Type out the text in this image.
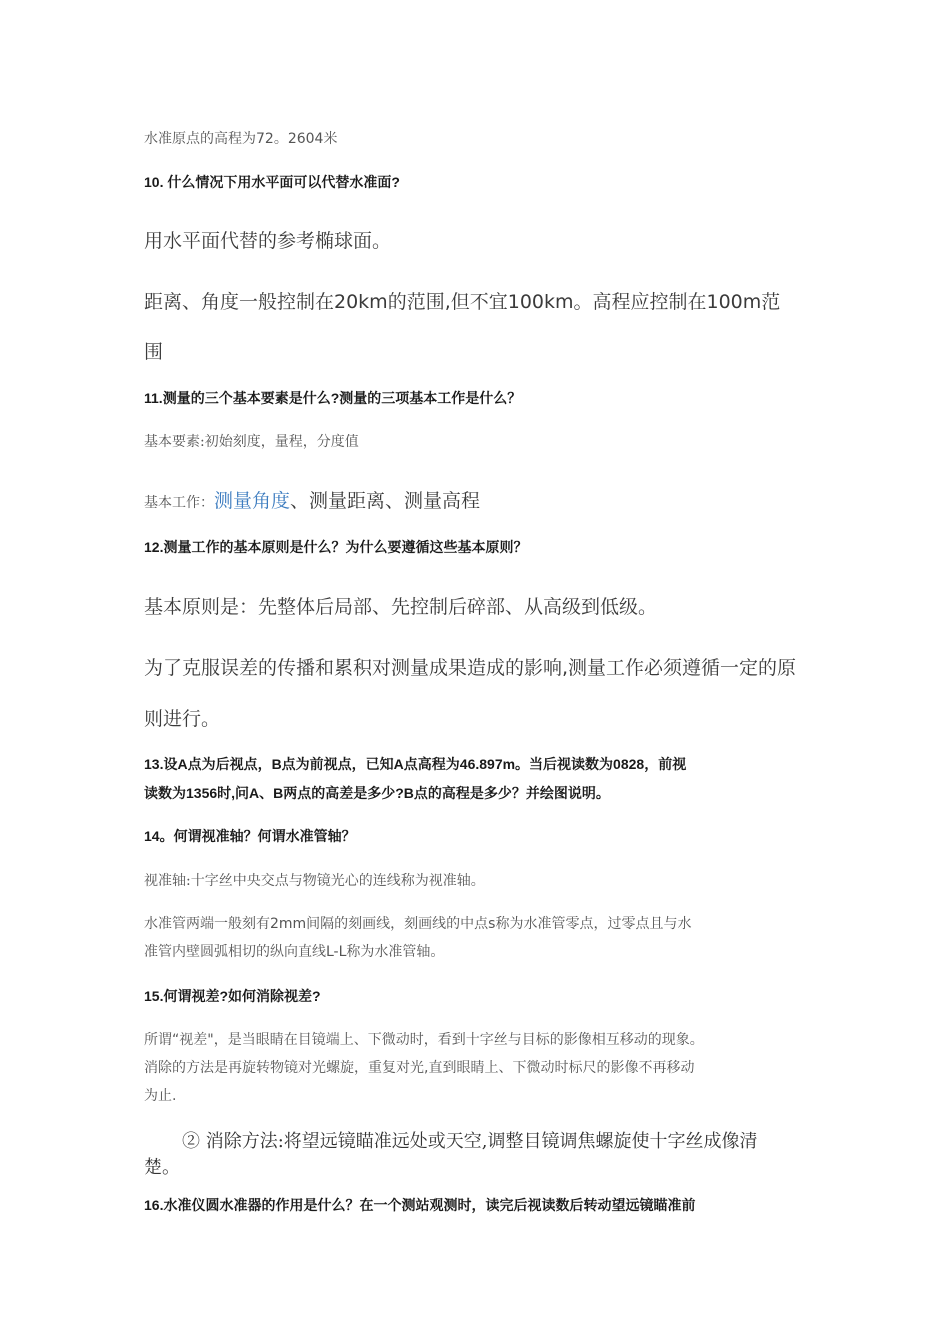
水准原点的高程为72。2604米

10. 什么情况下用水平面可以代替水准面?

用水平面代替的参考椭球面。

距离、角度一般控制在20km的范围,但不宜100km。高程应控制在100m范

围

11.测量的三个基本要素是什么?测量的三项基本工作是什么？

基本要素:初始刻度，量程，分度值

基本工作：测量角度、测量距离、测量高程

12.测量工作的基本原则是什么？为什么要遵循这些基本原则？

基本原则是：先整体后局部、先控制后碎部、从高级到低级。

为了克服误差的传播和累积对测量成果造成的影响,测量工作必须遵循一定的原

则进行。

13.设A点为后视点，B点为前视点，已知A点高程为46.897m。当后视读数为0828，前视

读数为1356时,问A、B两点的高差是多少?B点的高程是多少？并绘图说明。

14。何谓视准轴？何谓水准管轴？

视准轴:十字丝中央交点与物镜光心的连线称为视准轴。

水准管两端一般刻有2mm间隔的刻画线，刻画线的中点s称为水准管零点，过零点且与水

准管内壁圆弧相切的纵向直线L-L称为水准管轴。

15.何谓视差?如何消除视差?

所谓“视差"，是当眼睛在目镜端上、下微动时，看到十字丝与目标的影像相互移动的现象。

消除的方法是再旋转物镜对光螺旋，重复对光,直到眼睛上、下微动时标尺的影像不再移动

为止.

② 消除方法:将望远镜瞄准远处或天空,调整目镜调焦螺旋使十字丝成像清

楚。

16.水准仪圆水准器的作用是什么？在一个测站观测时，读完后视读数后转动望远镜瞄准前
